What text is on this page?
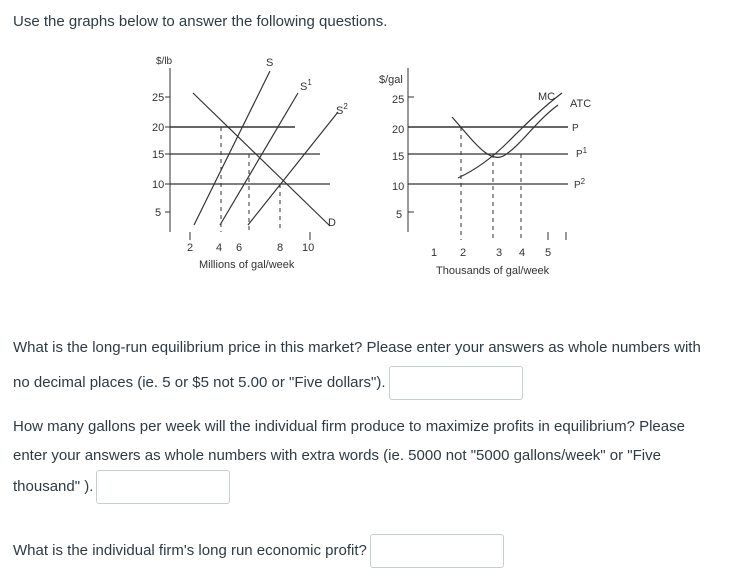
Use the graphs below to answer the following questions.

$/lb
25
20
15
10
5
2 4 6	8 10
Millions of gal/week
S
$S^1$
$S^2$
D
$/gal
25
20
15
10
5
1 2	3 4 5
Thousands of gal/week
MC
ATC
P
$P^1$
$P^2$

What is the long-run equilibrium price in this market? Please enter your answers as whole numbers with no decimal places (ie. 5 or $5 not 5.00 or "Five dollars").

How many gallons per week will the individual firm produce to maximize profits in equilibrium? Please enter your answers as whole numbers with extra words (ie. 5000 not "5000 gallons/week" or "Five thousand" ).

What is the individual firm's long run economic profit?
